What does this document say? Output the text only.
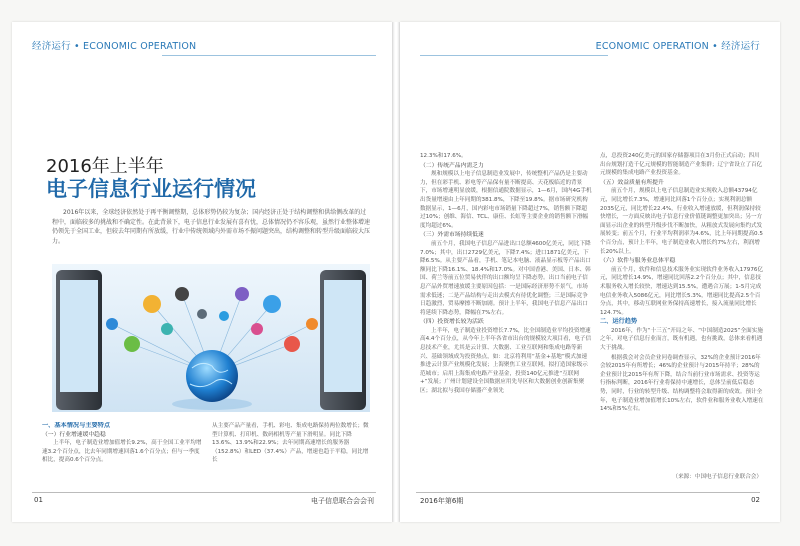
经济运行 • ECONOMIC OPERATION
2016年上半年
电子信息行业运行情况

2016年以来，全球经济依然处于再平衡调整期，总体形势仍较为复杂；国内经济正处于结构调整和供给侧改革的过程中，面临较多的挑战和不确定性。在此背景下，电子信息行业发展有喜有忧，总体情况仍不容乐观，虽然行业整体增速仍领先于全国工业，但较去年同期有所放缓，行业中传统领域内外需市场不振问题突出，结构调整和转型升级面临较大压力。

一、基本情况与主要特点
（一）行业增速缓中趋稳

上半年，电子制造业增加值增长9.2%，高于全国工业平均增速3.2个百分点，比去年同期增速回落1.6个百分点；但与一季度相比，提高0.6个百分点。

从主要产品产量看，手机、彩电、集成电路保持两位数增长；微型计算机、打印机、数码相机等产量下滑明显。同比下降13.6%、13.9%和22.9%；去年同期高速增长的服务器（152.8%）和LED（37.4%）产品，增速也趋于平稳，同比增长

01	电子信息联合会会刊
ECONOMIC OPERATION • 经济运行

12.3%和17.6%。

（二）传统产品内需乏力

规和规模以上电子信息制造业发展中，传统整机产品仍是主要动力，但在彩手机、彩电等产品保有量不断提高、天花板临近的背景下，市场增速明显放缓，根据信通院数据显示，1—6月，国内4G手机出货量增速由上年同期的381.8%，下降至19.8%。据市场研究机构数据显示，1—6月，国内彩电市场销量下降超过7%，销售额下降超过10%；创维、海信、TCL、康佳、长虹等主要企业的销售额下滑幅度均超过6%。

（三）外需市场持续低迷

前五个月，我国电子信息产品进出口总额4600亿美元，同比下降7.0%；其中，出口2729亿美元，下降7.4%；进口1871亿美元，下降6.5%。从主要产品看，手机、笔记本电脑、液晶显示板等产品出口额同比下降16.1%、18.4%和17.0%。对中国香港、美国、日本、韩国、荷兰等前五位贸易伙伴的出口额均呈下降态势。出口当前电子信息产品外贸增速放缓主要原因包括：一是国际经济形势不景气，市场需求低迷；二是产品结构与走出去模式有待优化调整；三是国际竞争日趋激烈，贸易摩擦不断加剧。预计上半年，我国电子信息产品出口将延续下降态势，降幅在7%左右。

（四）投资增长较为活跃

上半年，电子制造业投资增长7.7%，比全国制造业平均投资增速高4.4个百分点，从今年上半年各省市出台的规模较大项目看，电子信息技术产业，尤其是云计算、大数据、工业互联网和集成电路等新兴、基础领域成为投资热点，如：北京将利用“基金+基地”模式加速推进云计算产业规模化发展；上海聚焦工业互联网，拟打造国家级示范城市；启用上海集成电路产业基金，投资140亿元推进“互联网+”发展；广州计划建设全国数据应用先导区和大数据创业创新集聚区；湖北拟与我国存储器产业领先

点，总投资240亿美元的国家存储器项目在3月份正式启动；四川出台规划打造千亿元规模的智能制造产业集群；辽宁省设立了百亿元规模的集成电路产业投资基金。

（五）效益质量有所提升

前五个月，规模以上电子信息制造业实现收入总额43794亿元，同比增长7.3%，增速同比回落1个百分点；实现利润总额2035亿元，同比增长22.4%，行业收入增速放缓，但利润保持较快增长，一方面反映出电子信息行业价值链调整更加突出；另一方面显示出企业的转型升级步伐不断加快，从粗放式发展向集约式发展转变；前五个月，行业平均利润率为4.6%，比上年同期提高0.5个百分点，预计上半年，电子制造业收入增长约7%左右，利润增长20%以上。

（六）软件与服务业总体平稳

前五个月，软件和信息技术服务业实现软件业务收入17976亿元，同比增长14.9%，增速同比回落2.2个百分点；其中，信息技术服务收入增长较快，增速达到15.5%，遭遇合万展；1-5月完成电信业务收入5086亿元，同比增长5.3%，增速同比提高2.5个百分点，其中，移动互联网业务保持高速增长，接入流量同比增长124.7%。

二、运行趋势

2016年，作为“十三五”开局之年、“中国制造2025”全面实施之年，对电子信息行业而言，既有机遇，也有挑战，总体来看机遇大于挑战。

根据我会对会员企业问卷调查显示，32%的企业预计2016年会较2015年有所增长；46%的企业预计与2015年持平；28%的企业预计比2015年有所下降，结合当前行业市场需求、投资等运行指标判断，2016年行业将保持中速增长，总体呈前低后稳态势，同时，行业的转型升级、结构调整将会取得新的成效。预计全年，电子制造业增加值增长10%左右，软件业和服务业收入增速在14%和5%左右。

（来源：中国电子信息行业联合会）
2016年第6期	02
